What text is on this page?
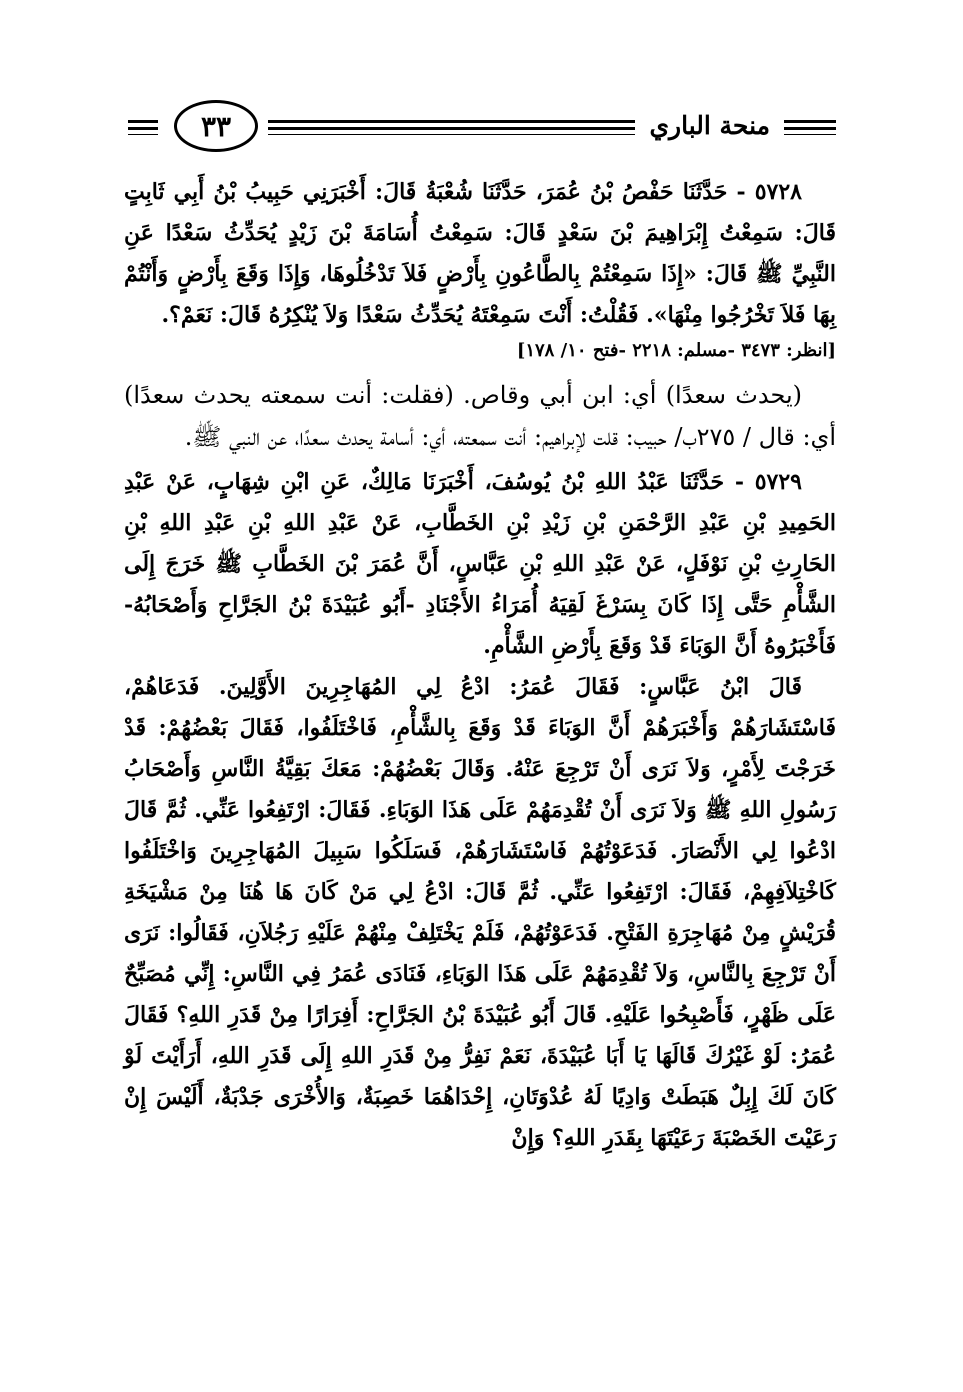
منحة الباري
٣٣

٥٧٢٨ - حَدَّثَنَا حَفْصُ بْنُ عُمَرَ، حَدَّثَنَا شُعْبَةُ قَالَ: أَخْبَرَنِي حَبِيبُ بْنُ أَبِي ثَابِتٍ قَالَ: سَمِعْتُ إِبْرَاهِيمَ بْنَ سَعْدٍ قَالَ: سَمِعْتُ أُسَامَةَ بْنَ زَيْدٍ يُحَدِّثُ سَعْدًا عَنِ النَّبِيِّ ﷺ قَالَ: «إِذَا سَمِعْتُمْ بِالطَّاعُونِ بِأَرْضٍ فَلاَ تَدْخُلُوهَا، وَإِذَا وَقَعَ بِأَرْضٍ وَأَنْتُمْ بِهَا فَلاَ تَخْرُجُوا مِنْهَا». فَقُلْتُ: أَنْتَ سَمِعْتَهُ يُحَدِّثُ سَعْدًا وَلاَ يُنْكِرُهُ قَالَ: نَعَمْ؟.

[انظر: ٣٤٧٣ -مسلم: ٢٢١٨ -فتح ١٠/ ١٧٨]

(يحدث سعدًا) أي: ابن أبي وقاص. (فقلت: أنت سمعته يحدث سعدًا) أي: قال / ٢٧٥ب/ حبيب: قلت لإبراهيم: أنت سمعته، أي: أسامة يحدث سعدًا، عن النبي ﷺ.

٥٧٢٩ - حَدَّثَنَا عَبْدُ اللهِ بْنُ يُوسُفَ، أَخْبَرَنَا مَالِكٌ، عَنِ ابْنِ شِهَابٍ، عَنْ عَبْدِ الحَمِيدِ بْنِ عَبْدِ الرَّحْمَنِ بْنِ زَيْدِ بْنِ الخَطَّابِ، عَنْ عَبْدِ اللهِ بْنِ عَبْدِ اللهِ بْنِ الحَارِثِ بْنِ نَوْفَلٍ، عَنْ عَبْدِ اللهِ بْنِ عَبَّاسٍ، أَنَّ عُمَرَ بْنَ الخَطَّابِ ﷺ خَرَجَ إِلَى الشَّأْمِ حَتَّى إِذَا كَانَ بِسَرْغَ لَقِيَهُ أُمَرَاءُ الأَجْنَادِ -أَبُو عُبَيْدَةَ بْنُ الجَرَّاحِ وَأَصْحَابُهُ- فَأَخْبَرُوهُ أَنَّ الوَبَاءَ قَدْ وَقَعَ بِأَرْضِ الشَّأْمِ.

قَالَ ابْنُ عَبَّاسٍ: فَقَالَ عُمَرُ: ادْعُ لِي المُهَاجِرِينَ الأَوَّلِينَ. فَدَعَاهُمْ، فَاسْتَشَارَهُمْ وَأَخْبَرَهُمْ أَنَّ الوَبَاءَ قَدْ وَقَعَ بِالشَّأْمِ، فَاخْتَلَفُوا، فَقَالَ بَعْضُهُمْ: قَدْ خَرَجْتَ لِأَمْرٍ، وَلاَ نَرَى أَنْ تَرْجِعَ عَنْهُ. وَقَالَ بَعْضُهُمْ: مَعَكَ بَقِيَّةُ النَّاسِ وَأَصْحَابُ رَسُولِ اللهِ ﷺ وَلاَ نَرَى أَنْ تُقْدِمَهُمْ عَلَى هَذَا الوَبَاءِ. فَقَالَ: ارْتَفِعُوا عَنِّي. ثُمَّ قَالَ ادْعُوا لِي الأَنْصَارَ. فَدَعَوْتُهُمْ فَاسْتَشَارَهُمْ، فَسَلَكُوا سَبِيلَ المُهَاجِرِينَ وَاخْتَلَفُوا كَاخْتِلاَفِهِمْ، فَقَالَ: ارْتَفِعُوا عَنِّي. ثُمَّ قَالَ: ادْعُ لِي مَنْ كَانَ هَا هُنَا مِنْ مَشْيَخَةِ قُرَيْشٍ مِنْ مُهَاجِرَةِ الفَتْحِ. فَدَعَوْتُهُمْ، فَلَمْ يَخْتَلِفْ مِنْهُمْ عَلَيْهِ رَجُلاَنِ، فَقَالُوا: نَرَى أَنْ تَرْجِعَ بِالنَّاسِ، وَلاَ تُقْدِمَهُمْ عَلَى هَذَا الوَبَاءِ، فَنَادَى عُمَرُ فِي النَّاسِ: إِنِّي مُصَبِّحٌ عَلَى ظَهْرٍ، فَأَصْبِحُوا عَلَيْهِ. قَالَ أَبُو عُبَيْدَةَ بْنُ الجَرَّاحِ: أَفِرَارًا مِنْ قَدَرِ اللهِ؟ فَقَالَ عُمَرُ: لَوْ غَيْرُكَ قَالَهَا يَا أَبَا عُبَيْدَةَ، نَعَمْ نَفِرُّ مِنْ قَدَرِ اللهِ إِلَى قَدَرِ اللهِ، أَرَأَيْتَ لَوْ كَانَ لَكَ إِبِلٌ هَبَطَتْ وَادِيًا لَهُ عُدْوَتَانِ، إِحْدَاهُمَا خَصِبَةٌ، وَالأُخْرَى جَدْبَةٌ، أَلَيْسَ إِنْ رَعَيْتَ الخَصْبَةَ رَعَيْتَهَا بِقَدَرِ اللهِ؟ وَإِنْ
